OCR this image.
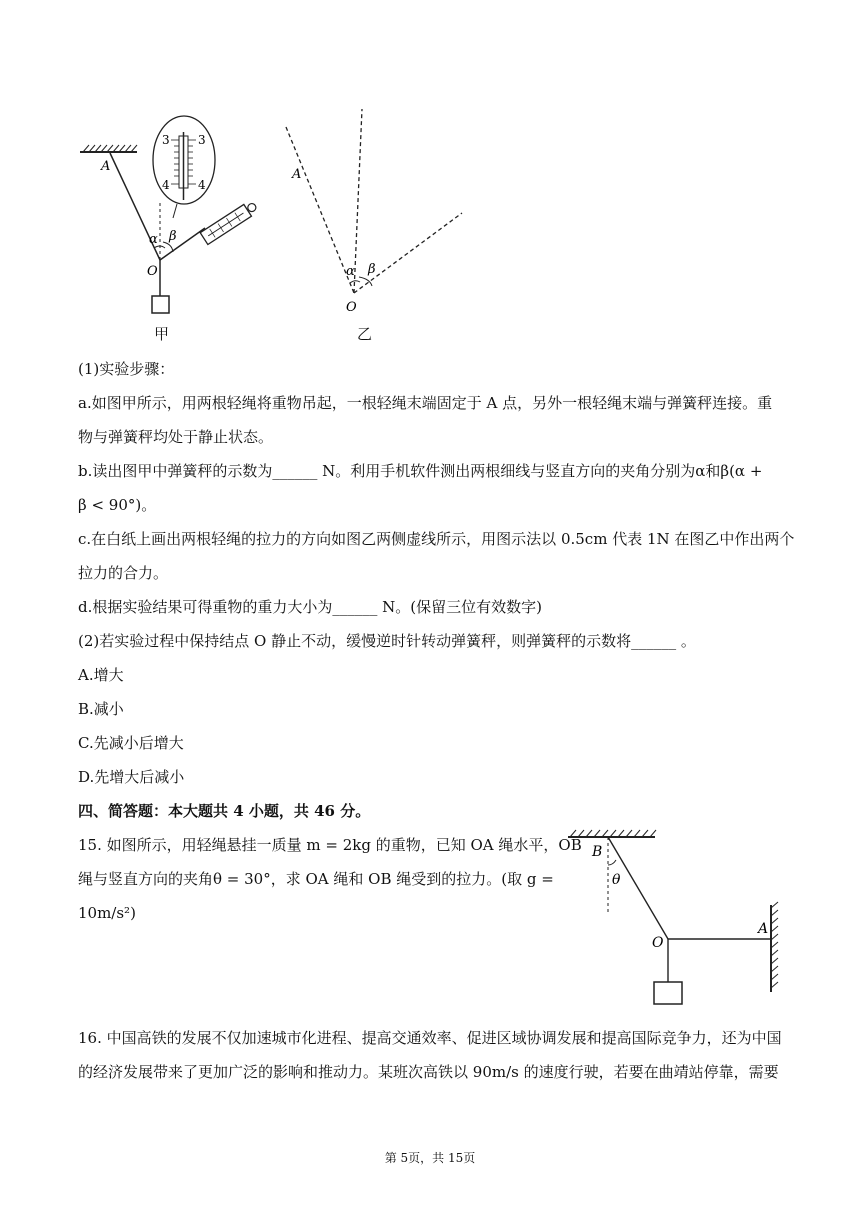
A
α β
O
3 3
4 4
甲
A
α β
O
乙
(1)实验步骤：
a.如图甲所示，用两根轻绳将重物吊起，一根轻绳末端固定于 A 点，另外一根轻绳末端与弹簧秤连接。重
物与弹簧秤均处于静止状态。
b.读出图甲中弹簧秤的示数为______ N。利用手机软件测出两根细线与竖直方向的夹角分别为α和β(α +
β < 90°)。
c.在白纸上画出两根轻绳的拉力的方向如图乙两侧虚线所示，用图示法以 0.5cm 代表 1N 在图乙中作出两个
拉力的合力。
d.根据实验结果可得重物的重力大小为______ N。(保留三位有效数字)
(2)若实验过程中保持结点 O 静止不动，缓慢逆时针转动弹簧秤，则弹簧秤的示数将______ 。
A.增大
B.减小
C.先减小后增大
D.先增大后减小
四、简答题：本大题共 4 小题，共 46 分。
15. 如图所示，用轻绳悬挂一质量 m = 2kg 的重物，已知 OA 绳水平，OB
绳与竖直方向的夹角θ = 30°，求 OA 绳和 OB 绳受到的拉力。(取 g =
10m/s²)
B
θ
O
A
16. 中国高铁的发展不仅加速城市化进程、提高交通效率、促进区域协调发展和提高国际竞争力，还为中国
的经济发展带来了更加广泛的影响和推动力。某班次高铁以 90m/s 的速度行驶，若要在曲靖站停靠，需要
第 5页，共 15页
